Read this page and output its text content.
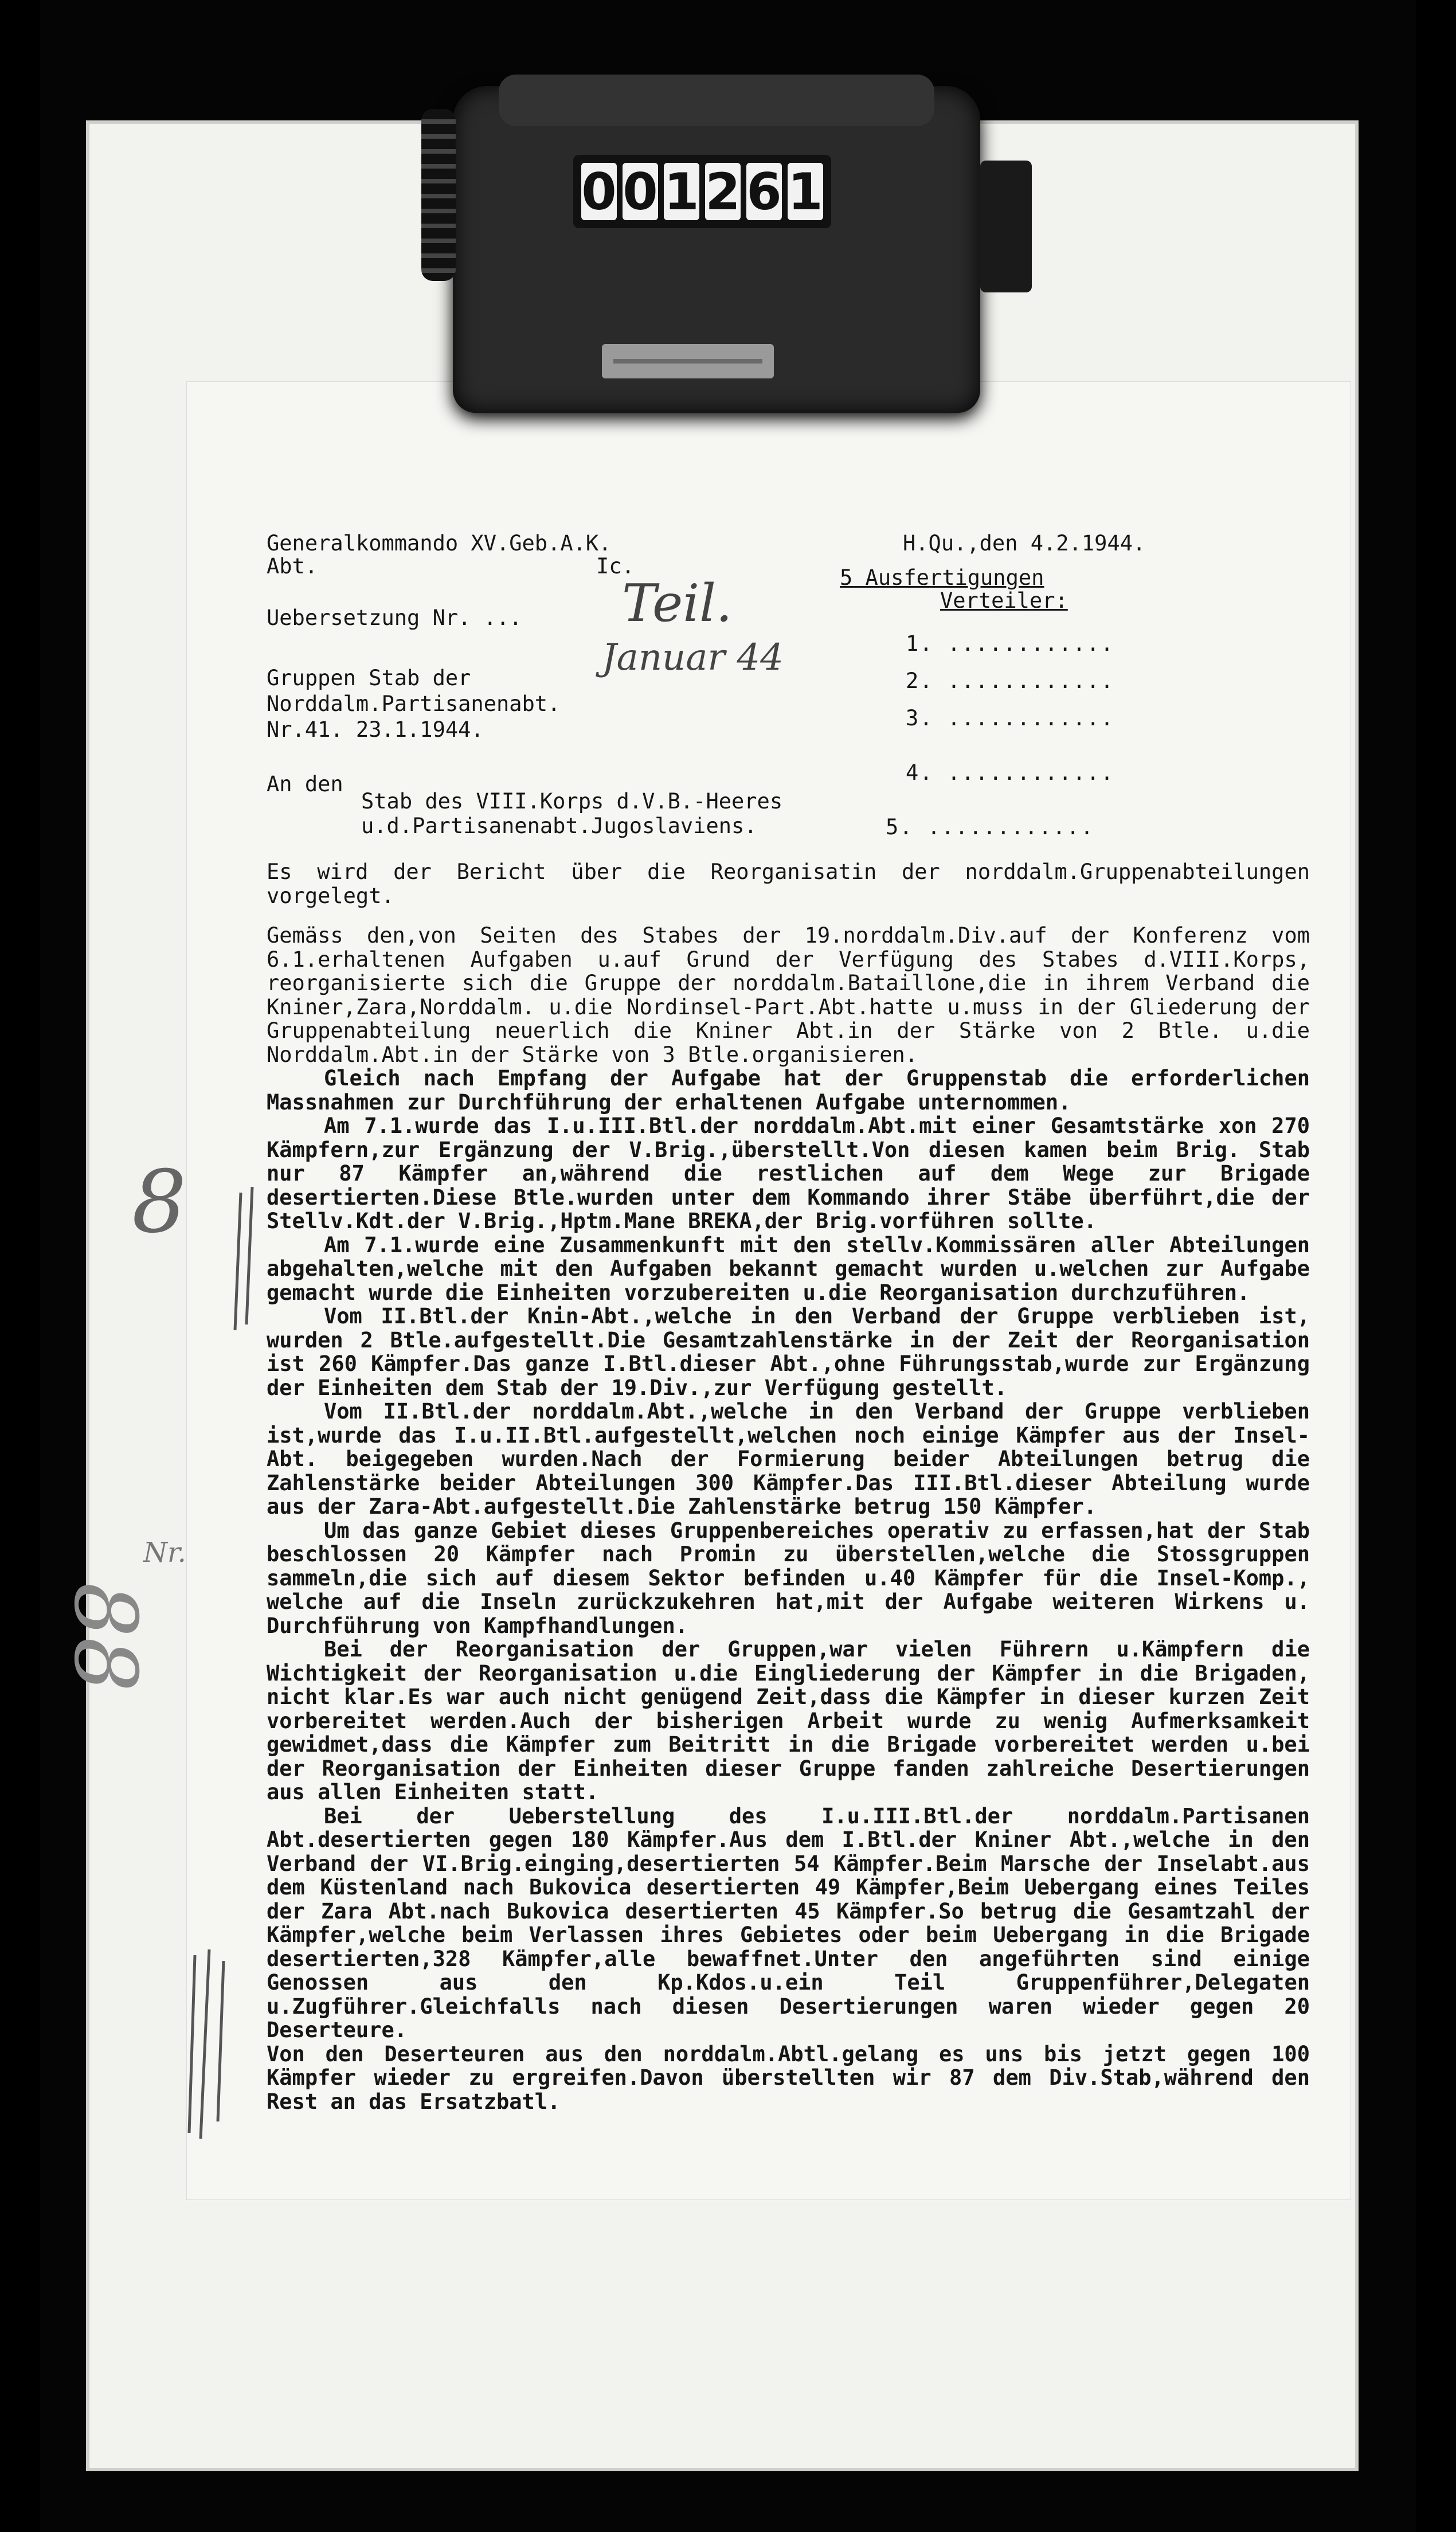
0 0 1 2 6 1
Generalkommando XV.Geb.A.K.	H.Qu.,den 4.2.1944.
Abt.	Ic.	5 Ausfertigungen
Verteiler:
Uebersetzung Nr. ...
1. ............
Gruppen Stab der	2. ............
Norddalm.Partisanenabt.
3. ............
Nr.41. 23.1.1944.
4. ............
An den
Stab des VIII.Korps d.V.B.-Heeres
u.d.Partisanenabt.Jugoslaviens.	5. ............
Teil.
Januar 44
8
Nr.
88

Es wird der Bericht über die Reorganisatin der norddalm.Gruppenabteilungen vorgelegt.

Gemäss den,von Seiten des Stabes der 19.norddalm.Div.auf der Konferenz vom 6.1.erhaltenen Aufgaben u.auf Grund der Verfügung des Stabes d.VIII.Korps, reorganisierte sich die Gruppe der norddalm.Bataillone,die in ihrem Verband die Kniner,Zara,Norddalm. u.die Nordinsel-Part.Abt.hatte u.muss in der Gliederung der Gruppenabteilung neuerlich die Kniner Abt.in der Stärke von 2 Btle. u.die Norddalm.Abt.in der Stärke von 3 Btle.organisieren.

Gleich nach Empfang der Aufgabe hat der Gruppenstab die erforderlichen Massnahmen zur Durchführung der erhaltenen Aufgabe unternommen.

Am 7.1.wurde das I.u.III.Btl.der norddalm.Abt.mit einer Gesamtstärke xon 270 Kämpfern,zur Ergänzung der V.Brig.,überstellt.Von diesen kamen beim Brig. Stab nur 87 Kämpfer an,während die restlichen auf dem Wege zur Brigade desertierten.Diese Btle.wurden unter dem Kommando ihrer Stäbe überführt,die der Stellv.Kdt.der V.Brig.,Hptm.Mane BREKA,der Brig.vorführen sollte.

Am 7.1.wurde eine Zusammenkunft mit den stellv.Kommissären aller Abteilungen abgehalten,welche mit den Aufgaben bekannt gemacht wurden u.welchen zur Aufgabe gemacht wurde die Einheiten vorzubereiten u.die Reorganisation durchzuführen.

Vom II.Btl.der Knin-Abt.,welche in den Verband der Gruppe verblieben ist, wurden 2 Btle.aufgestellt.Die Gesamtzahlenstärke in der Zeit der Reorganisation ist 260 Kämpfer.Das ganze I.Btl.dieser Abt.,ohne Führungsstab,wurde zur Ergänzung der Einheiten dem Stab der 19.Div.,zur Verfügung gestellt.

Vom II.Btl.der norddalm.Abt.,welche in den Verband der Gruppe verblieben ist,wurde das I.u.II.Btl.aufgestellt,welchen noch einige Kämpfer aus der Insel-Abt. beigegeben wurden.Nach der Formierung beider Abteilungen betrug die Zahlenstärke beider Abteilungen 300 Kämpfer.Das III.Btl.dieser Abteilung wurde aus der Zara-Abt.aufgestellt.Die Zahlenstärke betrug 150 Kämpfer.

Um das ganze Gebiet dieses Gruppenbereiches operativ zu erfassen,hat der Stab beschlossen 20 Kämpfer nach Promin zu überstellen,welche die Stossgruppen sammeln,die sich auf diesem Sektor befinden u.40 Kämpfer für die Insel-Komp., welche auf die Inseln zurückzukehren hat,mit der Aufgabe weiteren Wirkens u. Durchführung von Kampfhandlungen.

Bei der Reorganisation der Gruppen,war vielen Führern u.Kämpfern die Wichtigkeit der Reorganisation u.die Eingliederung der Kämpfer in die Brigaden, nicht klar.Es war auch nicht genügend Zeit,dass die Kämpfer in dieser kurzen Zeit vorbereitet werden.Auch der bisherigen Arbeit wurde zu wenig Aufmerksamkeit gewidmet,dass die Kämpfer zum Beitritt in die Brigade vorbereitet werden u.bei der Reorganisation der Einheiten dieser Gruppe fanden zahlreiche Desertierungen aus allen Einheiten statt.

Bei der Ueberstellung des I.u.III.Btl.der norddalm.Partisanen Abt.desertierten gegen 180 Kämpfer.Aus dem I.Btl.der Kniner Abt.,welche in den Verband der VI.Brig.einging,desertierten 54 Kämpfer.Beim Marsche der Inselabt.aus dem Küstenland nach Bukovica desertierten 49 Kämpfer,Beim Uebergang eines Teiles der Zara Abt.nach Bukovica desertierten 45 Kämpfer.So betrug die Gesamtzahl der Kämpfer,welche beim Verlassen ihres Gebietes oder beim Uebergang in die Brigade desertierten,328 Kämpfer,alle bewaffnet.Unter den angeführten sind einige Genossen aus den Kp.Kdos.u.ein Teil Gruppenführer,Delegaten u.Zugführer.Gleichfalls nach diesen Desertierungen waren wieder gegen 20 Deserteure.

Von den Deserteuren aus den norddalm.Abtl.gelang es uns bis jetzt gegen 100 Kämpfer wieder zu ergreifen.Davon überstellten wir 87 dem Div.Stab,während den Rest an das Ersatzbatl.
